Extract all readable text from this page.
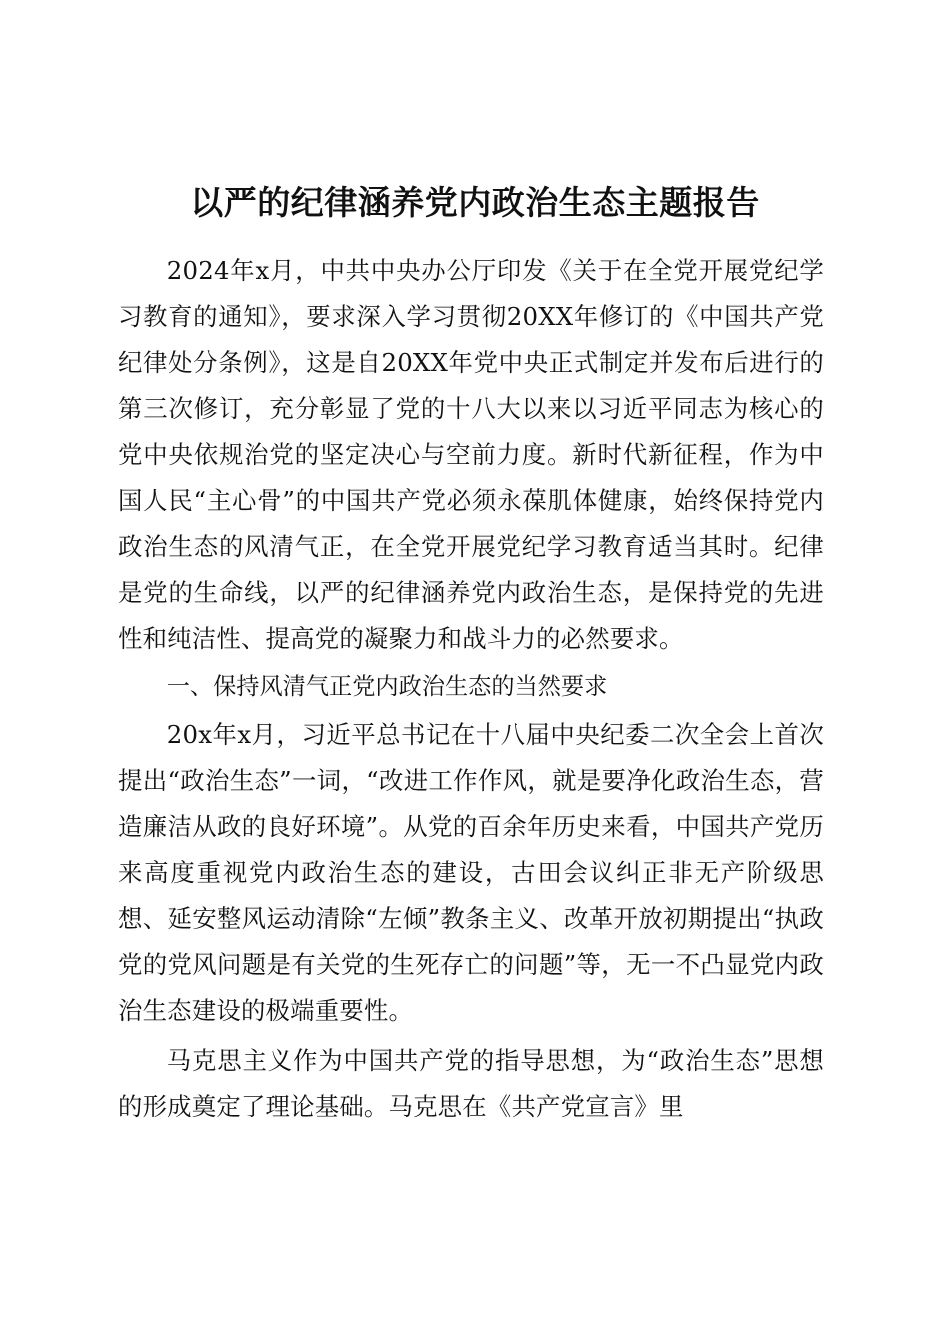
以严的纪律涵养党内政治生态主题报告

2024年x月，中共中央办公厅印发《关于在全党开展党纪学习教育的通知》，要求深入学习贯彻20XX年修订的《中国共产党纪律处分条例》，这是自20XX年党中央正式制定并发布后进行的第三次修订，充分彰显了党的十八大以来以习近平同志为核心的党中央依规治党的坚定决心与空前力度。新时代新征程，作为中国人民“主心骨”的中国共产党必须永葆肌体健康，始终保持党内政治生态的风清气正，在全党开展党纪学习教育适当其时。纪律是党的生命线，以严的纪律涵养党内政治生态，是保持党的先进性和纯洁性、提高党的凝聚力和战斗力的必然要求。

一、保持风清气正党内政治生态的当然要求

20x年x月，习近平总书记在十八届中央纪委二次全会上首次提出“政治生态”一词，“改进工作作风，就是要净化政治生态，营造廉洁从政的良好环境”。从党的百余年历史来看，中国共产党历来高度重视党内政治生态的建设，古田会议纠正非无产阶级思想、延安整风运动清除“左倾”教条主义、改革开放初期提出“执政党的党风问题是有关党的生死存亡的问题”等，无一不凸显党内政治生态建设的极端重要性。

马克思主义作为中国共产党的指导思想，为“政治生态”思想的形成奠定了理论基础。马克思在《共产党宣言》里
